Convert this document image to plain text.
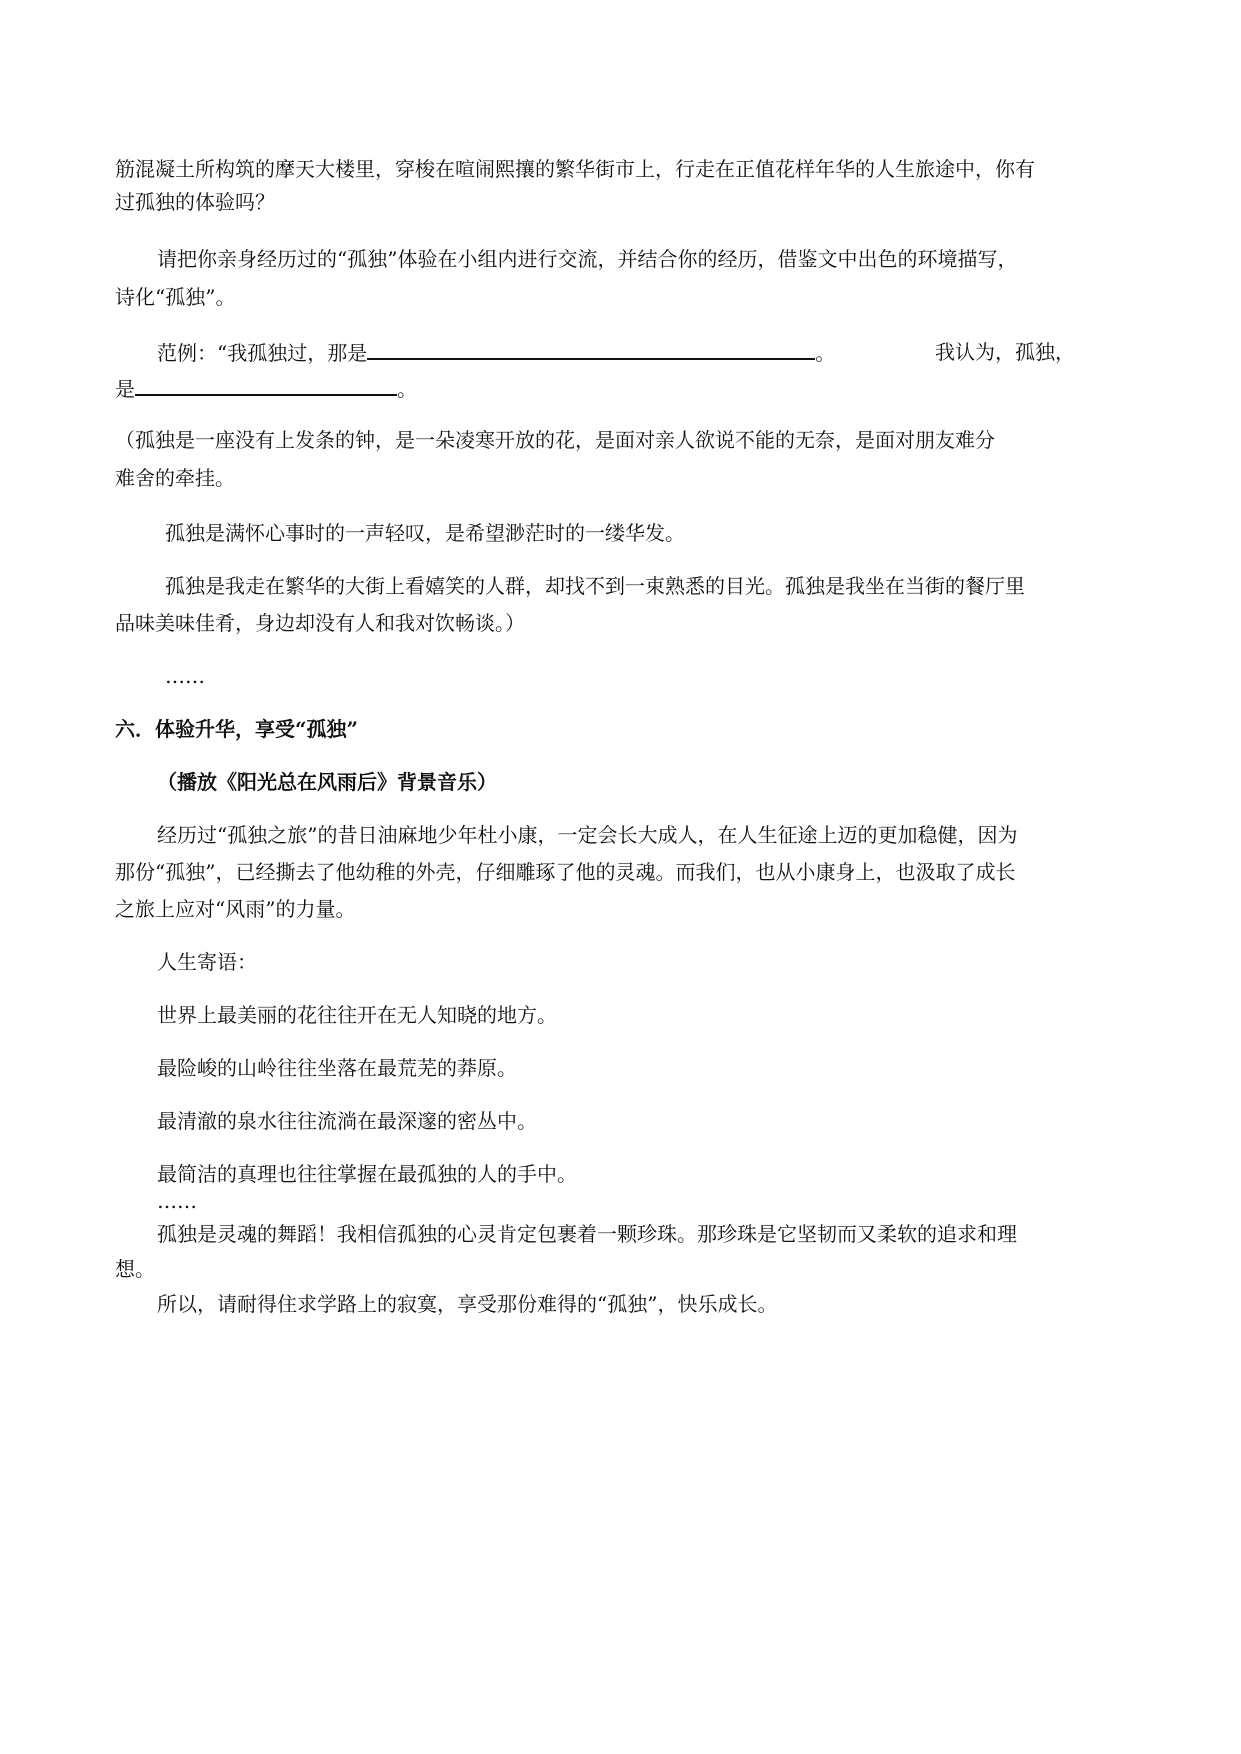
筋混凝土所构筑的摩天大楼里，穿梭在喧闹熙攘的繁华街市上，行走在正值花样年华的人生旅途中，你有
过孤独的体验吗？
请把你亲身经历过的“孤独”体验在小组内进行交流，并结合你的经历，借鉴文中出色的环境描写，
诗化“孤独”。
范例：“我孤独过，那是	。	我认为，孤独，
是	。
（孤独是一座没有上发条的钟，是一朵凌寒开放的花，是面对亲人欲说不能的无奈，是面对朋友难分
难舍的牵挂。
孤独是满怀心事时的一声轻叹，是希望渺茫时的一缕华发。
孤独是我走在繁华的大街上看嬉笑的人群，却找不到一束熟悉的目光。孤独是我坐在当街的餐厅里
品味美味佳肴，身边却没有人和我对饮畅谈。）
……
六．体验升华，享受“孤独”
（播放《阳光总在风雨后》背景音乐）
经历过“孤独之旅”的昔日油麻地少年杜小康，一定会长大成人，在人生征途上迈的更加稳健，因为
那份“孤独”，已经撕去了他幼稚的外壳，仔细雕琢了他的灵魂。而我们，也从小康身上，也汲取了成长
之旅上应对“风雨”的力量。
人生寄语：
世界上最美丽的花往往开在无人知晓的地方。
最险峻的山岭往往坐落在最荒芜的莽原。
最清澈的泉水往往流淌在最深邃的密丛中。
最简洁的真理也往往掌握在最孤独的人的手中。
……
孤独是灵魂的舞蹈！我相信孤独的心灵肯定包裹着一颗珍珠。那珍珠是它坚韧而又柔软的追求和理
想。
所以，请耐得住求学路上的寂寞，享受那份难得的“孤独”，快乐成长。
